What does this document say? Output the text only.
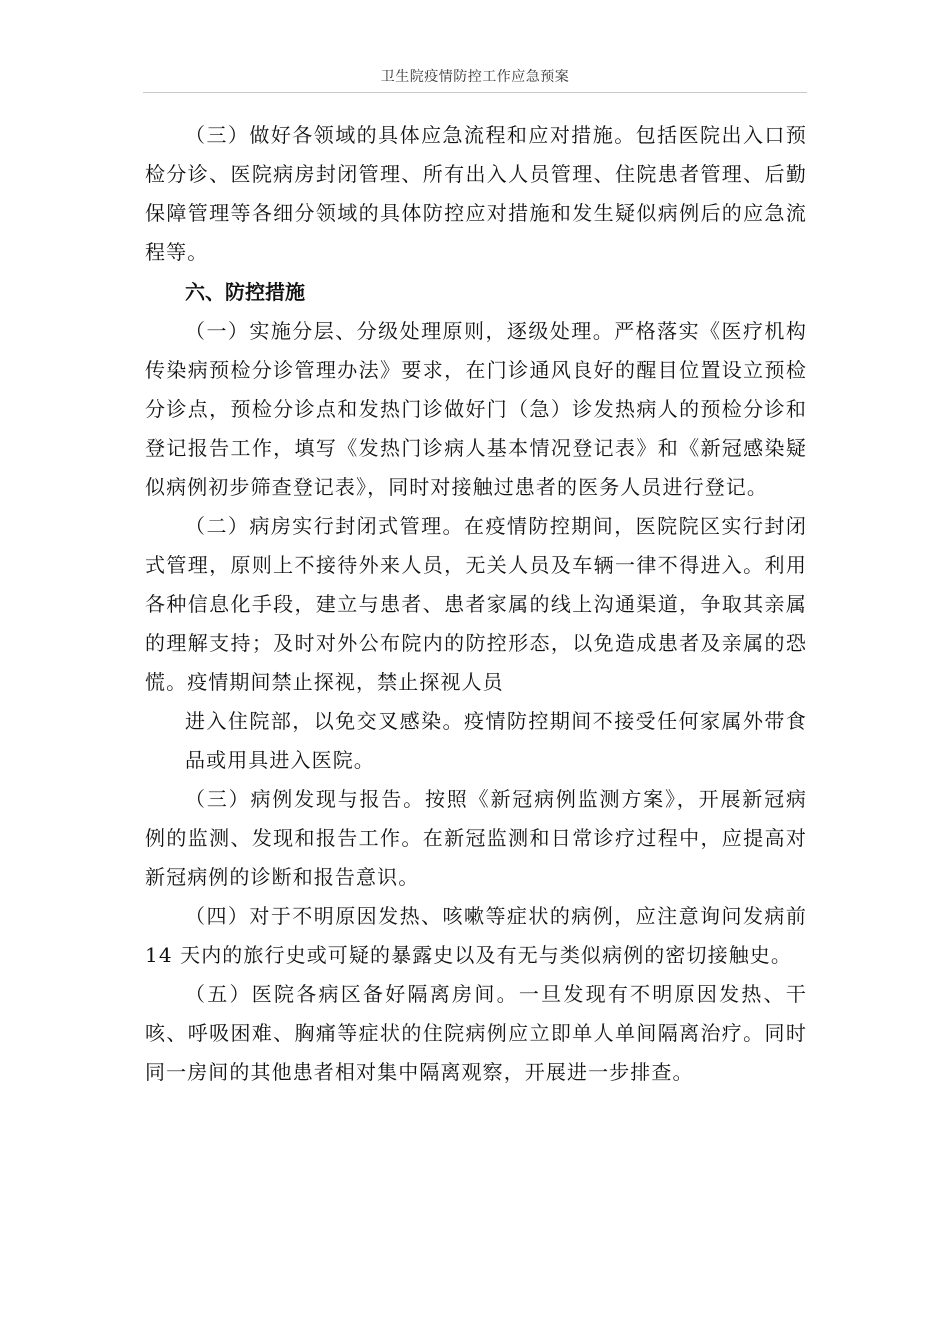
卫生院疫情防控工作应急预案

（三）做好各领域的具体应急流程和应对措施。包括医院出入口预检分诊、医院病房封闭管理、所有出入人员管理、住院患者管理、后勤保障管理等各细分领域的具体防控应对措施和发生疑似病例后的应急流程等。

六、防控措施

（一）实施分层、分级处理原则，逐级处理。严格落实《医疗机构传染病预检分诊管理办法》要求，在门诊通风良好的醒目位置设立预检分诊点，预检分诊点和发热门诊做好门（急）诊发热病人的预检分诊和登记报告工作，填写《发热门诊病人基本情况登记表》和《新冠感染疑似病例初步筛查登记表》，同时对接触过患者的医务人员进行登记。

（二）病房实行封闭式管理。在疫情防控期间，医院院区实行封闭式管理，原则上不接待外来人员，无关人员及车辆一律不得进入。利用各种信息化手段，建立与患者、患者家属的线上沟通渠道，争取其亲属的理解支持；及时对外公布院内的防控形态，以免造成患者及亲属的恐慌。疫情期间禁止探视，禁止探视人员

进入住院部，以免交叉感染。疫情防控期间不接受任何家属外带食品或用具进入医院。

（三）病例发现与报告。按照《新冠病例监测方案》，开展新冠病例的监测、发现和报告工作。在新冠监测和日常诊疗过程中，应提高对新冠病例的诊断和报告意识。

（四）对于不明原因发热、咳嗽等症状的病例，应注意询问发病前 14 天内的旅行史或可疑的暴露史以及有无与类似病例的密切接触史。

（五）医院各病区备好隔离房间。一旦发现有不明原因发热、干咳、呼吸困难、胸痛等症状的住院病例应立即单人单间隔离治疗。同时同一房间的其他患者相对集中隔离观察，开展进一步排查。
